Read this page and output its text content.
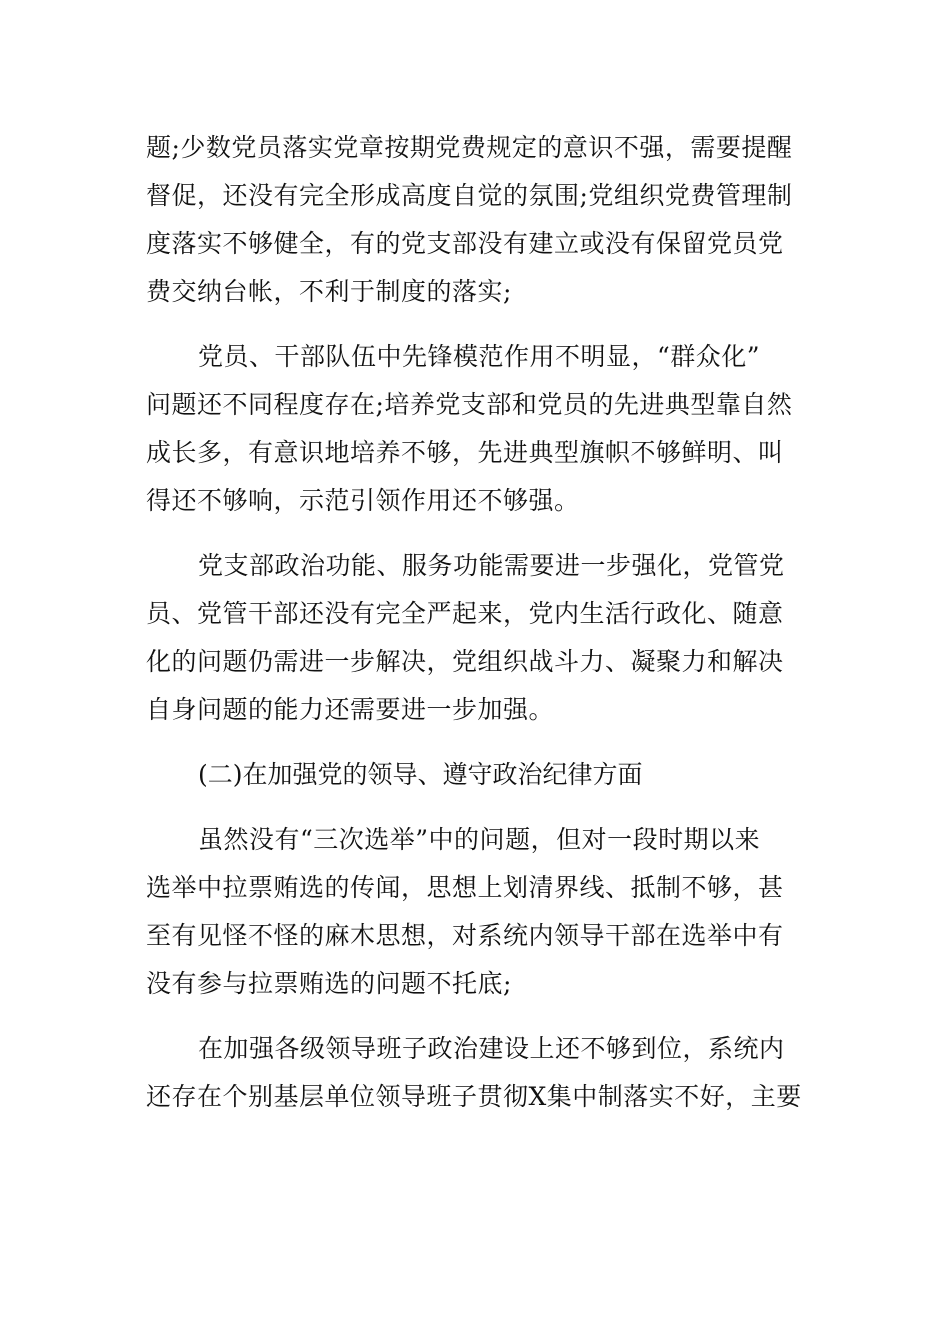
题;少数党员落实党章按期党费规定的意识不强，需要提醒
督促，还没有完全形成高度自觉的氛围;党组织党费管理制
度落实不够健全，有的党支部没有建立或没有保留党员党
费交纳台帐，不利于制度的落实;

党员、干部队伍中先锋模范作用不明显，“群众化”
问题还不同程度存在;培养党支部和党员的先进典型靠自然
成长多，有意识地培养不够，先进典型旗帜不够鲜明、叫
得还不够响，示范引领作用还不够强。

党支部政治功能、服务功能需要进一步强化，党管党
员、党管干部还没有完全严起来，党内生活行政化、随意
化的问题仍需进一步解决，党组织战斗力、凝聚力和解决
自身问题的能力还需要进一步加强。

(二)在加强党的领导、遵守政治纪律方面

虽然没有“三次选举”中的问题，但对一段时期以来
选举中拉票贿选的传闻，思想上划清界线、抵制不够，甚
至有见怪不怪的麻木思想，对系统内领导干部在选举中有
没有参与拉票贿选的问题不托底;

在加强各级领导班子政治建设上还不够到位，系统内
还存在个别基层单位领导班子贯彻X集中制落实不好，主要
